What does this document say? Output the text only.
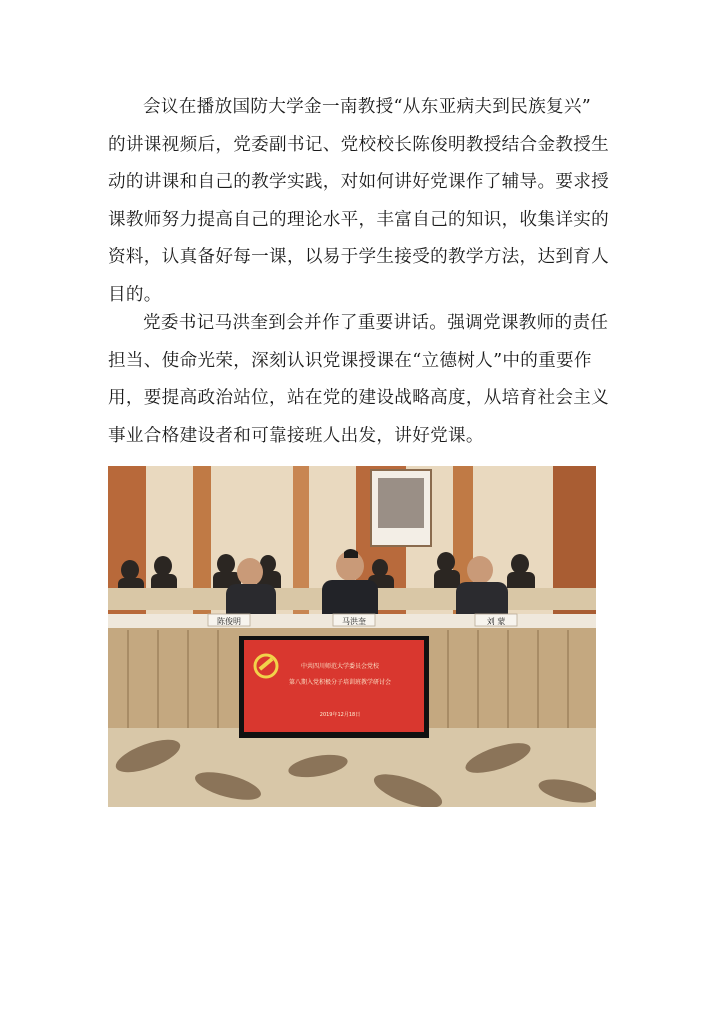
会议在播放国防大学金一南教授“从东亚病夫到民族复兴”
的讲课视频后，党委副书记、党校校长陈俊明教授结合金教授生
动的讲课和自己的教学实践，对如何讲好党课作了辅导。要求授
课教师努力提高自己的理论水平，丰富自己的知识，收集详实的
资料，认真备好每一课，以易于学生接受的教学方法，达到育人
目的。

党委书记马洪奎到会并作了重要讲话。强调党课教师的责任
担当、使命光荣，深刻认识党课授课在“立德树人”中的重要作
用，要提高政治站位，站在党的建设战略高度，从培育社会主义
事业合格建设者和可靠接班人出发，讲好党课。

陈俊明	马洪奎	刘 蒙
中共四川师范大学委员会党校
第八期入党积极分子培训班教学研讨会
2019年12月18日
